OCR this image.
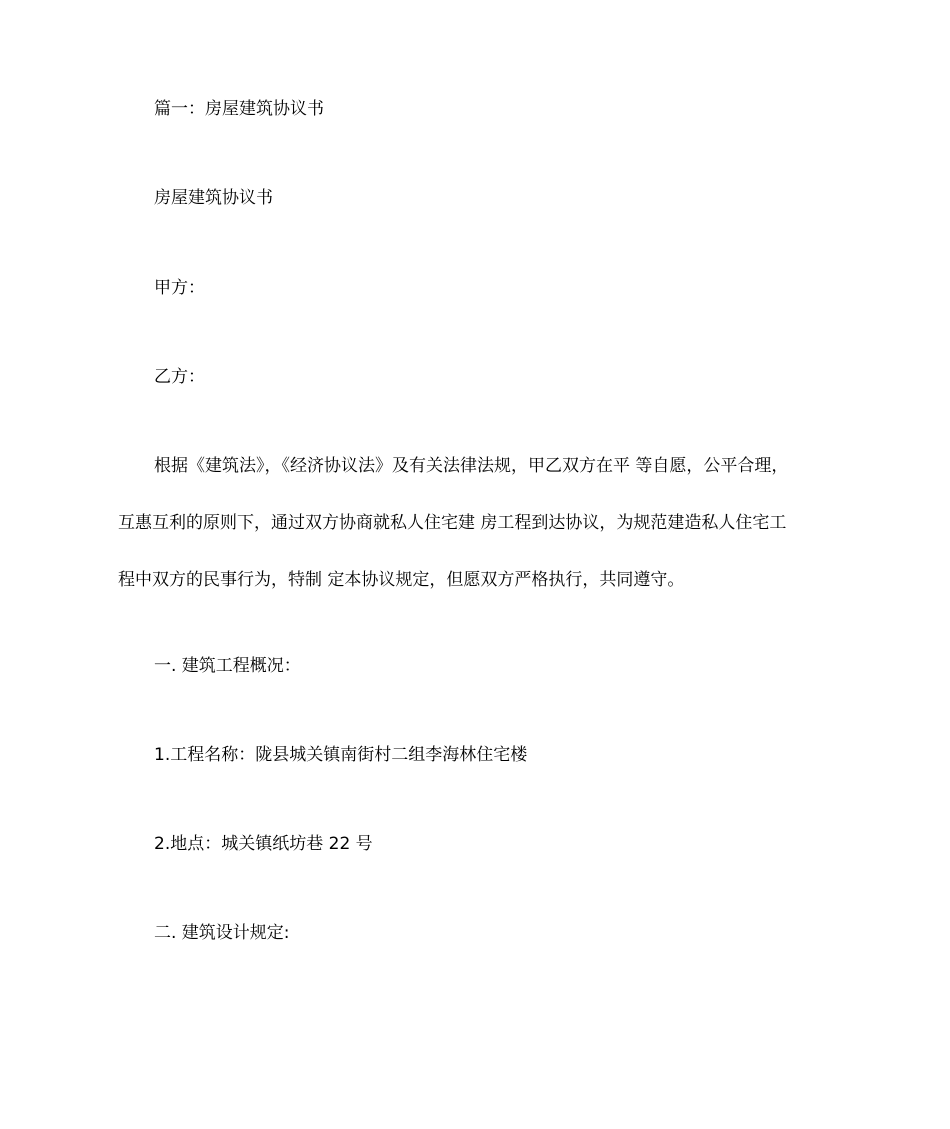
篇一：房屋建筑协议书
房屋建筑协议书
甲方：
乙方：
根据《建筑法》，《经济协议法》及有关法律法规，甲乙双方在平 等自愿，公平合理，
互惠互利的原则下，通过双方协商就私人住宅建 房工程到达协议，为规范建造私人住宅工
程中双方的民事行为，特制 定本协议规定，但愿双方严格执行，共同遵守。
一. 建筑工程概况：
1.工程名称：陇县城关镇南街村二组李海林住宅楼
2.地点：城关镇纸坊巷 22 号
二. 建筑设计规定:
